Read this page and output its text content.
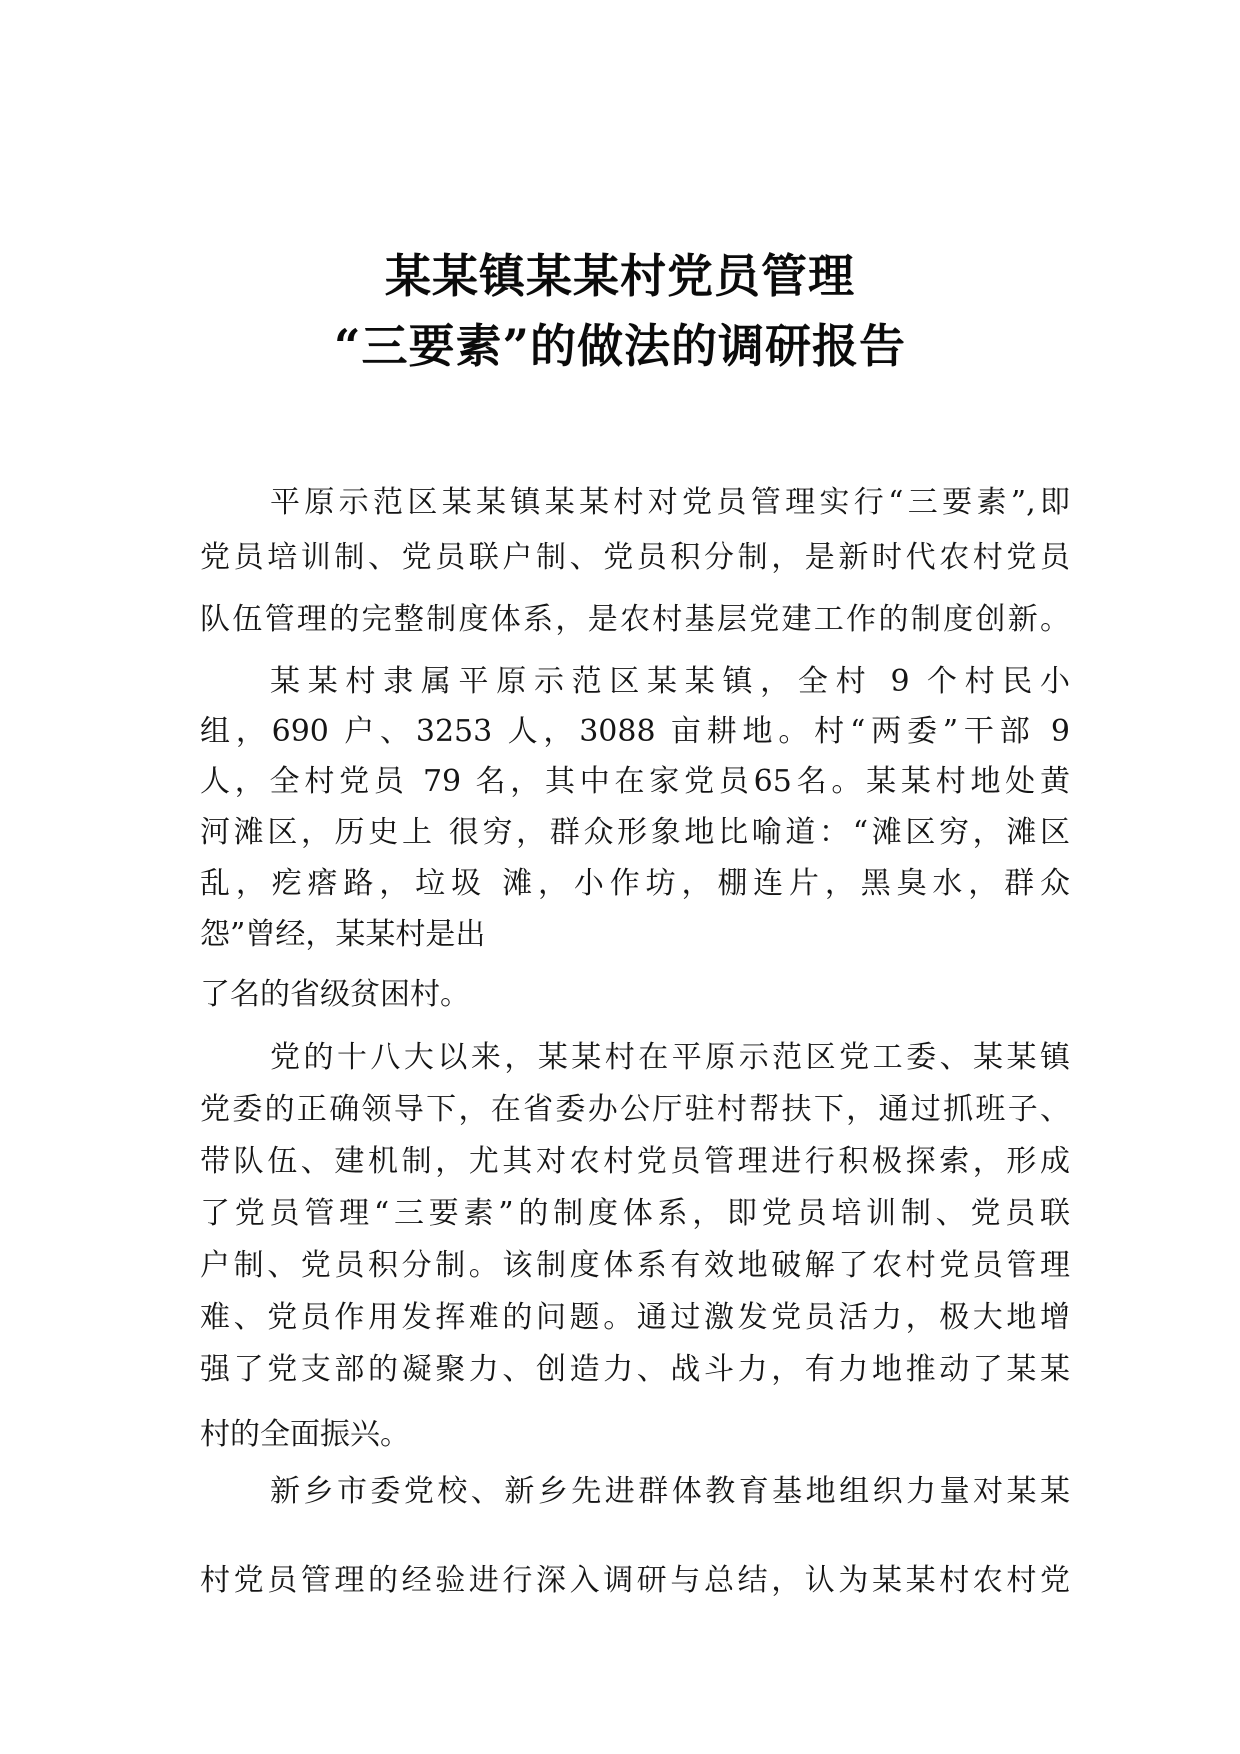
某某镇某某村党员管理
“三要素”的做法的调研报告
平原示范区某某镇某某村对党员管理实行“三要素”,即
党员培训制、党员联户制、党员积分制，是新时代农村党员
队伍管理的完整制度体系，是农村基层党建工作的制度创新。
某某村隶属平原示范区某某镇，全村 9 个村民小
组，690 户、3253 人，3088 亩耕地。村“两委”干部 9
人，全村党员 79 名，其中在家党员65名。某某村地处黄
河滩区，历史上 很穷，群众形象地比喻道：“滩区穷，滩区
乱，疙瘩路，垃圾 滩，小作坊，棚连片，黑臭水，群众
怨”曾经，某某村是出
了名的省级贫困村。
党的十八大以来，某某村在平原示范区党工委、某某镇
党委的正确领导下，在省委办公厅驻村帮扶下，通过抓班子、
带队伍、建机制，尤其对农村党员管理进行积极探索，形成
了党员管理“三要素”的制度体系，即党员培训制、党员联
户制、党员积分制。该制度体系有效地破解了农村党员管理
难、党员作用发挥难的问题。通过激发党员活力，极大地增
强了党支部的凝聚力、创造力、战斗力，有力地推动了某某
村的全面振兴。
新乡市委党校、新乡先进群体教育基地组织力量对某某
村党员管理的经验进行深入调研与总结，认为某某村农村党
